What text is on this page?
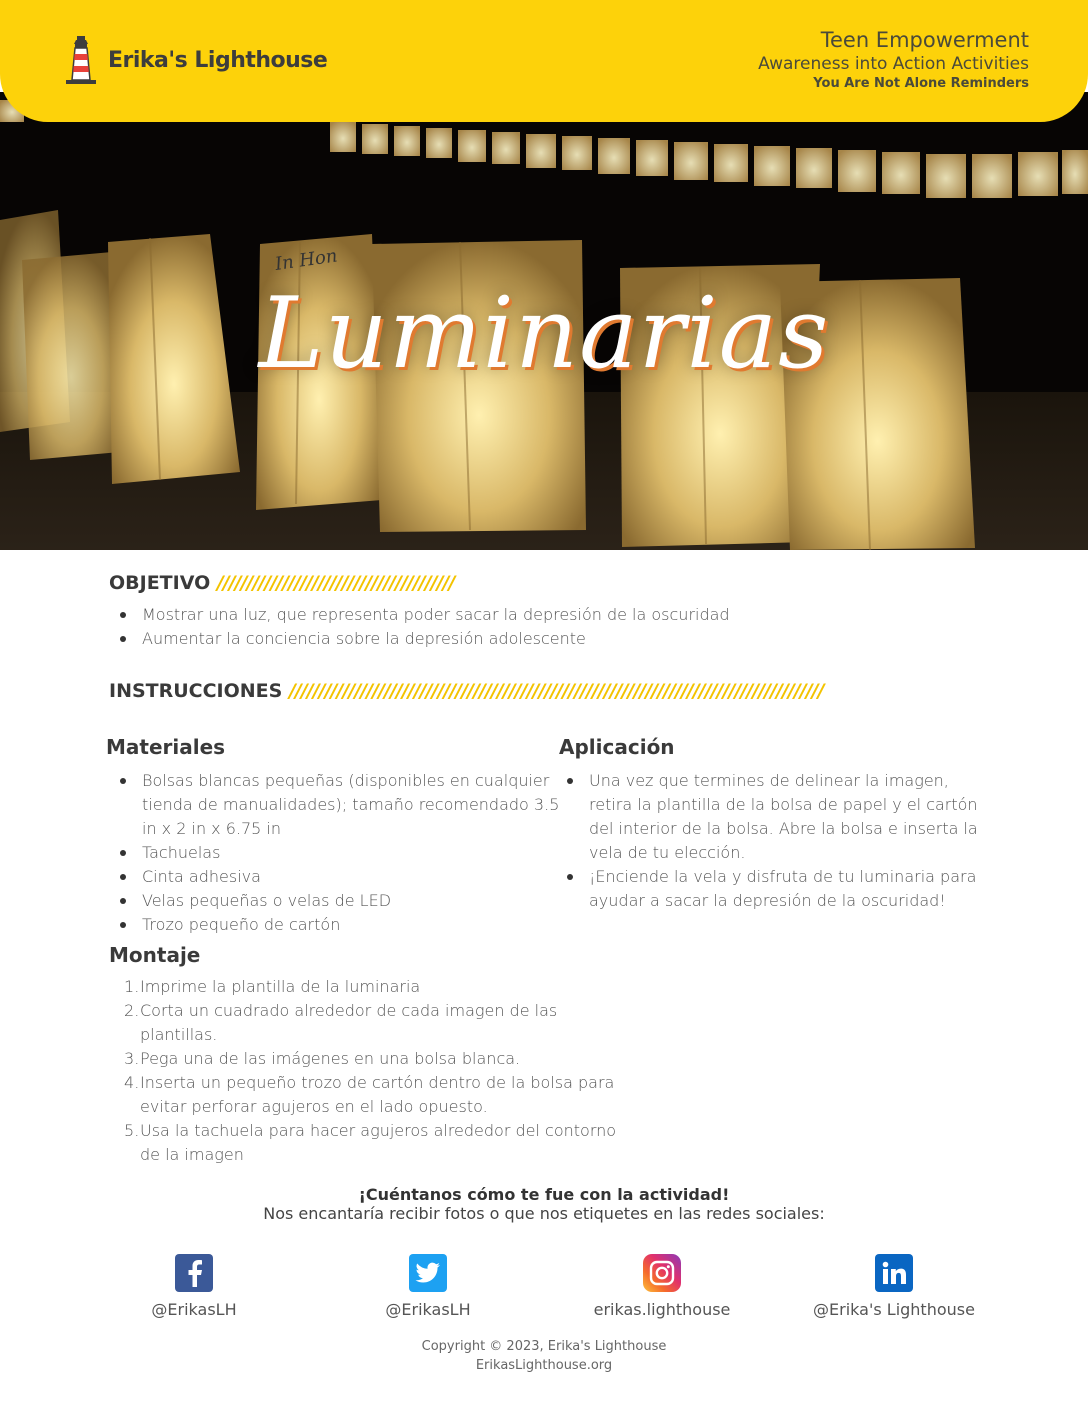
Erika's Lighthouse
Teen Empowerment
Awareness into Action Activities
You Are Not Alone Reminders
In Hon
Luminarias
OBJETIVO ////////////////////////////////////////
Mostrar una luz, que representa poder sacar la depresión de la oscuridad
Aumentar la conciencia sobre la depresión adolescente
INSTRUCCIONES //////////////////////////////////////////////////////////////////////////////////////////
Materiales
Bolsas blancas pequeñas (disponibles en cualquier tienda de manualidades); tamaño recomendado 3.5 in x 2 in x 6.75 in
Tachuelas
Cinta adhesiva
Velas pequeñas o velas de LED
Trozo pequeño de cartón
Aplicación
Una vez que termines de delinear la imagen, retira la plantilla de la bolsa de papel y el cartón del interior de la bolsa. Abre la bolsa e inserta la vela de tu elección.
¡Enciende la vela y disfruta de tu luminaria para ayudar a sacar la depresión de la oscuridad!
Montaje
Imprime la plantilla de la luminaria
Corta un cuadrado alrededor de cada imagen de las plantillas.
Pega una de las imágenes en una bolsa blanca.
Inserta un pequeño trozo de cartón dentro de la bolsa para evitar perforar agujeros en el lado opuesto.
Usa la tachuela para hacer agujeros alrededor del contorno de la imagen
¡Cuéntanos cómo te fue con la actividad!
Nos encantaría recibir fotos o que nos etiquetes en las redes sociales:
@ErikasLH	@ErikasLH	erikas.lighthouse	@Erika's Lighthouse
Copyright © 2023, Erika's Lighthouse
ErikasLighthouse.org
